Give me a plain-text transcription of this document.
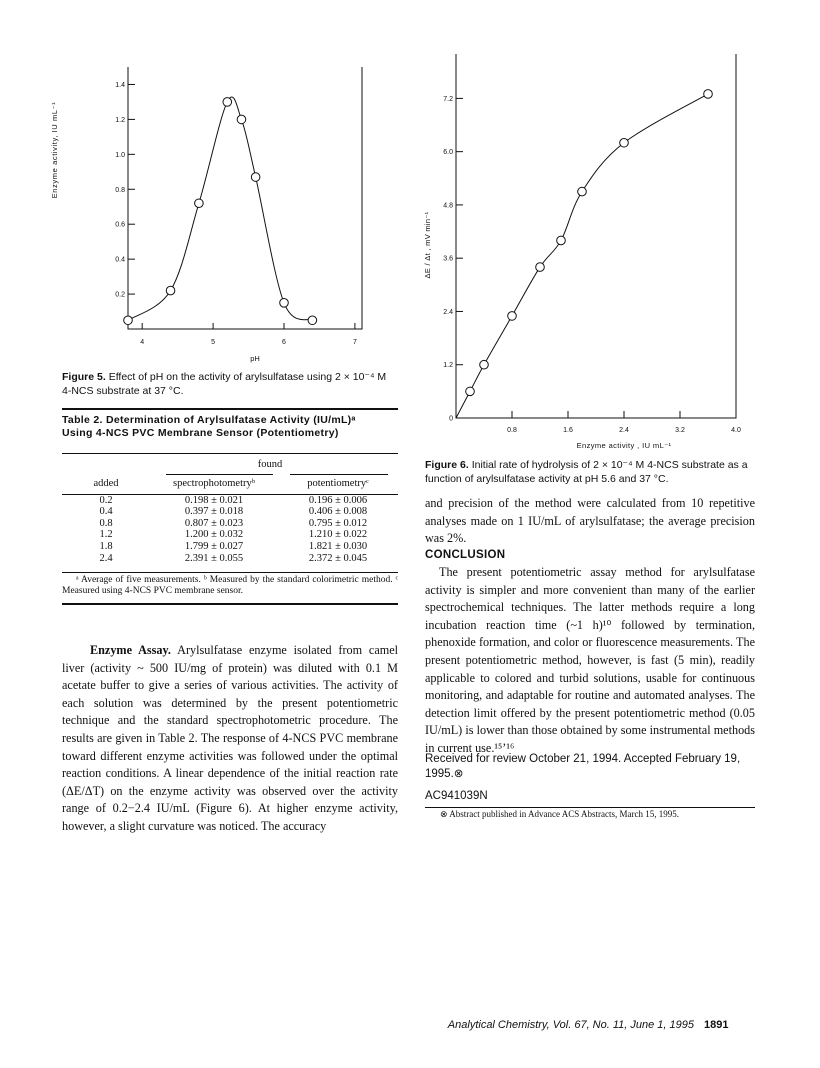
0.2
0.4
0.6
0.8
1.0
1.2
1.4
4	5	6	7
pH
Enzyme activity, IU mL⁻¹
Figure 5. Effect of pH on the activity of arylsulfatase using 2 × 10⁻⁴ M 4-NCS substrate at 37 °C.
Table 2. Determination of Arylsulfatase Activity (IU/mL)ᵃ Using 4-NCS PVC Membrane Sensor (Potentiometry)
found
added	spectrophotometryᵇ	potentiometryᶜ
0.2	0.198 ± 0.021	0.196 ± 0.006
0.4	0.397 ± 0.018	0.406 ± 0.008
0.8	0.807 ± 0.023	0.795 ± 0.012
1.2	1.200 ± 0.032	1.210 ± 0.022
1.8	1.799 ± 0.027	1.821 ± 0.030
2.4	2.391 ± 0.055	2.372 ± 0.045
ᵃ Average of five measurements. ᵇ Measured by the standard colorimetric method. ᶜ Measured using 4-NCS PVC membrane sensor.
Enzyme Assay. Arylsulfatase enzyme isolated from camel liver (activity ~ 500 IU/mg of protein) was diluted with 0.1 M acetate buffer to give a series of various activities. The activity of each solution was determined by the present potentiometric technique and the standard spectrophotometric procedure. The results are given in Table 2. The response of 4-NCS PVC membrane toward different enzyme activities was followed under the optimal reaction conditions. A linear dependence of the initial reaction rate (ΔE/ΔT) on the enzyme activity was observed over the activity range of 0.2−2.4 IU/mL (Figure 6). At higher enzyme activity, however, a slight curvature was noticed. The accuracy
0
1.2
2.4
3.6
4.8
6.0
7.2
0.8	1.6	2.4	3.2	4.0
Enzyme activity , IU mL⁻¹
ΔE / Δt , mV min⁻¹
Figure 6. Initial rate of hydrolysis of 2 × 10⁻⁴ M 4-NCS substrate as a function of arylsulfatase activity at pH 5.6 and 37 °C.
and precision of the method were calculated from 10 repetitive analyses made on 1 IU/mL of arylsulfatase; the average precision was 2%.
CONCLUSION
The present potentiometric assay method for arylsulfatase activity is simpler and more convenient than many of the earlier spectrochemical techniques. The latter methods require a long incubation reaction time (~1 h)¹⁰ followed by termination, phenoxide formation, and color or fluorescence measurements. The present potentiometric method, however, is fast (5 min), readily applicable to colored and turbid solutions, usable for continuous monitoring, and adaptable for routine and automated analyses. The detection limit offered by the present potentiometric method (0.05 IU/mL) is lower than those obtained by some instrumental methods in current use.¹⁵ʼ¹⁶
Received for review October 21, 1994. Accepted February 19, 1995.⊗
AC941039N
⊗ Abstract published in Advance ACS Abstracts, March 15, 1995.
Analytical Chemistry, Vol. 67, No. 11, June 1, 1995 1891
